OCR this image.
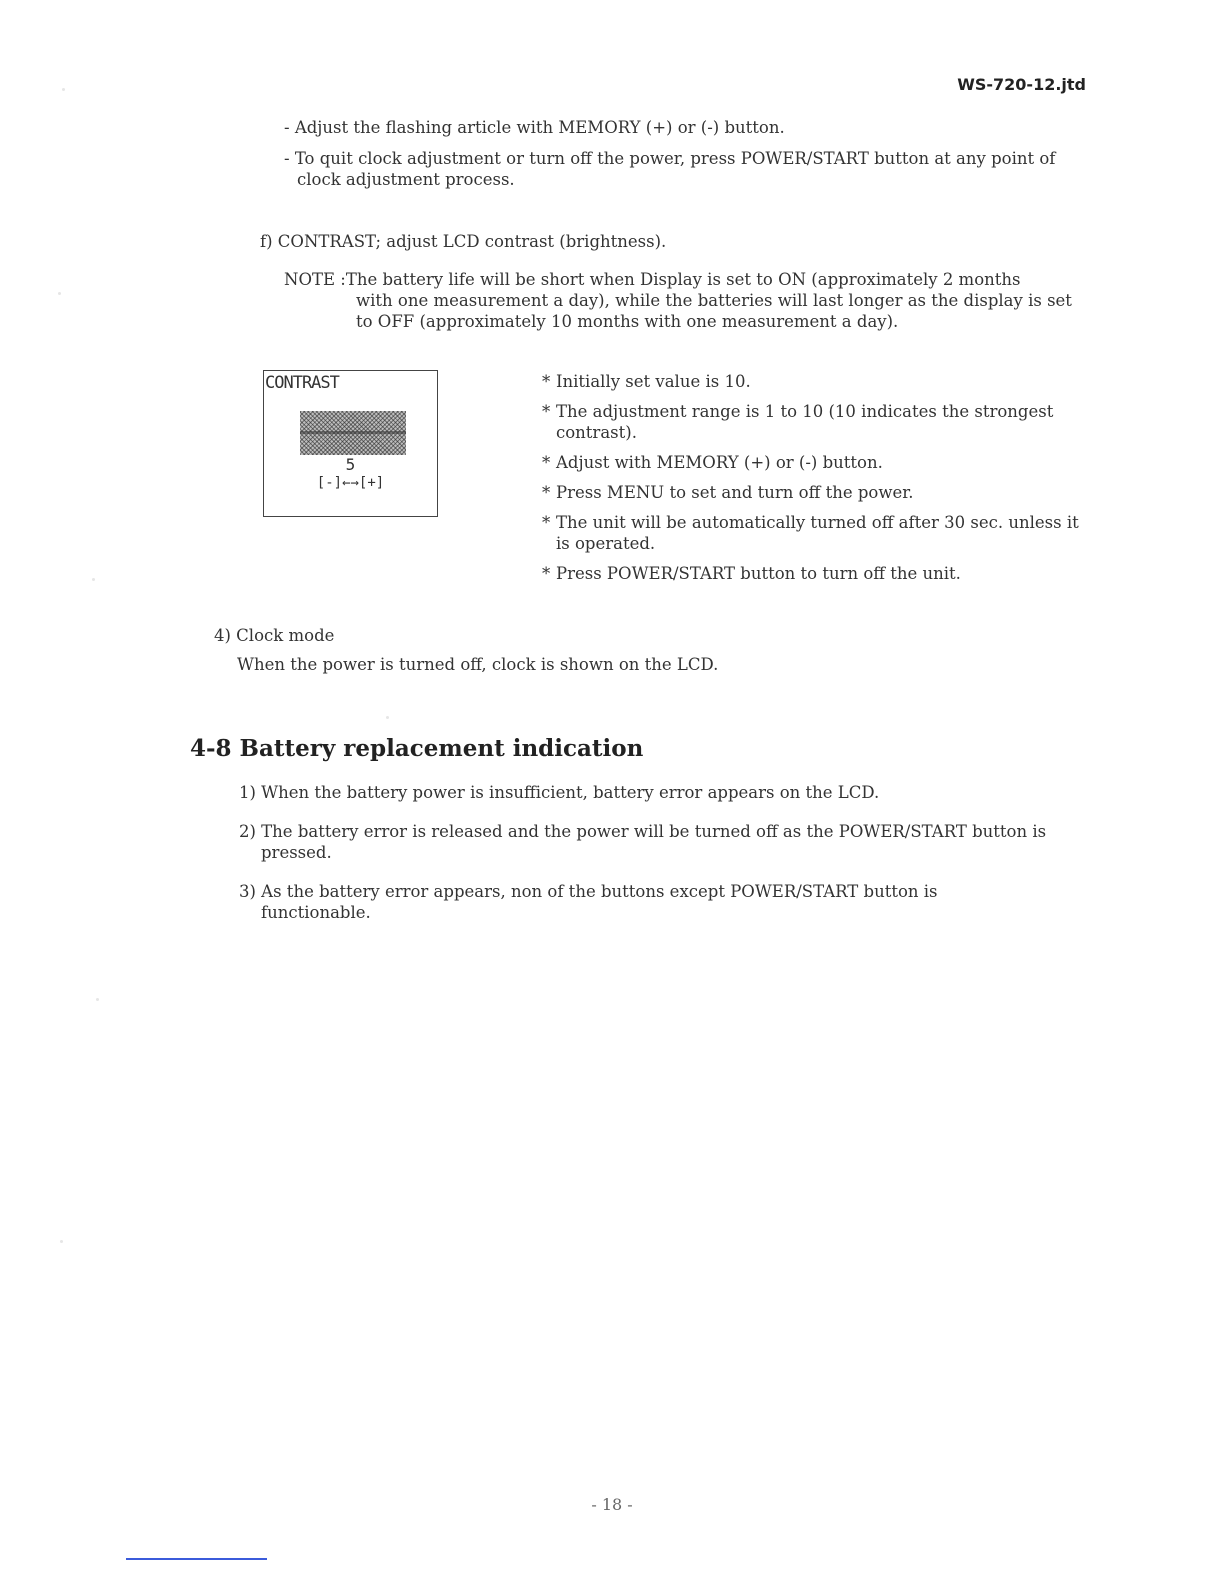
WS-720-12.jtd

- Adjust the flashing article with MEMORY (+) or (-) button.

- To quit clock adjustment or turn off the power, press POWER/START button at any point of clock adjustment process.

f) CONTRAST; adjust LCD contrast (brightness).

NOTE :The battery life will be short when Display is set to ON (approximately 2 months
with one measurement a day), while the batteries will last longer as the display is set to OFF (approximately 10 months with one measurement a day).
CONTRAST
5
[-]←→[+]
* Initially set value is 10.
* The adjustment range is 1 to 10 (10 indicates the strongest contrast).
* Adjust with MEMORY (+) or (-) button.
* Press MENU to set and turn off the power.
* The unit will be automatically turned off after 30 sec. unless it is operated.
* Press POWER/START button to turn off the unit.

4) Clock mode

When the power is turned off, clock is shown on the LCD.

4-8 Battery replacement indication

1) When the battery power is insufficient, battery error appears on the LCD.

2) The battery error is released and the power will be turned off as the POWER/START button is pressed.

3) As the battery error appears, non of the buttons except POWER/START button is functionable.

- 18 -
